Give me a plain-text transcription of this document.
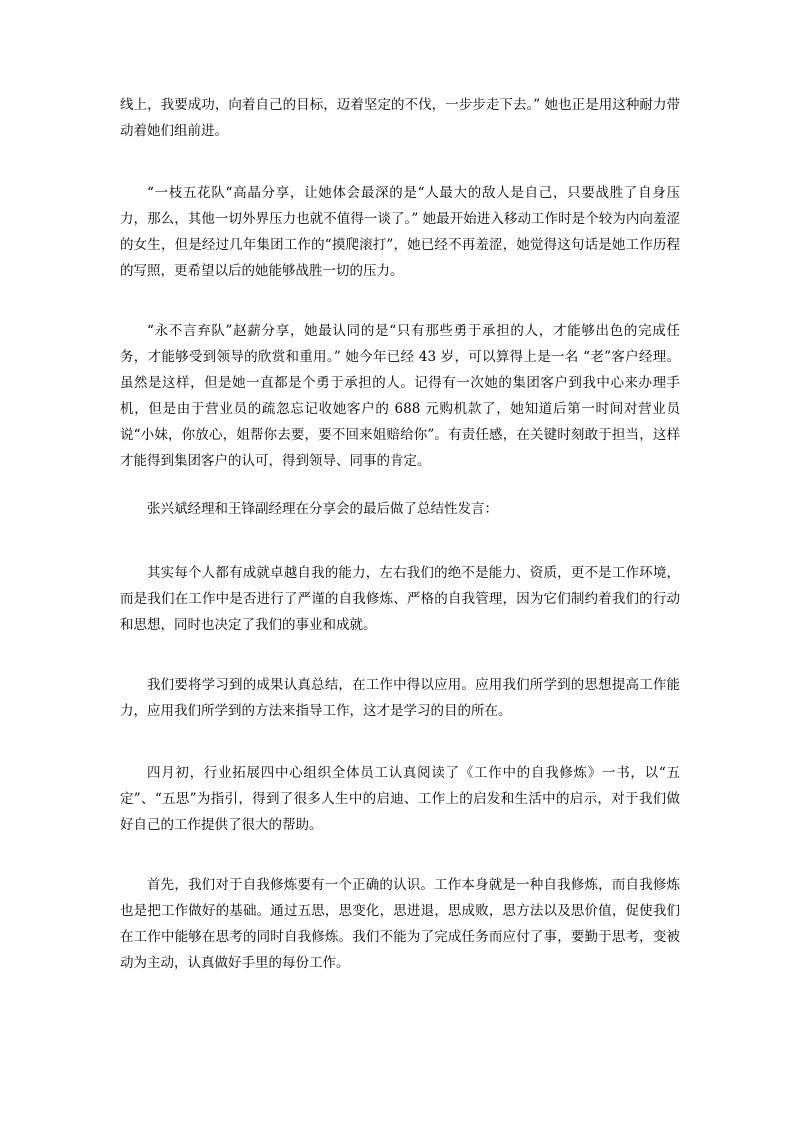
线上，我要成功，向着自己的目标，迈着坚定的不伐，一步步走下去。” 她也正是用这种耐力带动着她们组前进。

“一枝五花队“高晶分享，让她体会最深的是“人最大的敌人是自己，只要战胜了自身压力，那么，其他一切外界压力也就不值得一谈了。” 她最开始进入移动工作时是个较为内向羞涩的女生，但是经过几年集团工作的“摸爬滚打”，她已经不再羞涩，她觉得这句话是她工作历程的写照，更希望以后的她能够战胜一切的压力。

“永不言弃队”赵薪分享，她最认同的是“只有那些勇于承担的人，才能够出色的完成任务，才能够受到领导的欣赏和重用。” 她今年已经 43 岁，可以算得上是一名 “老”客户经理。虽然是这样，但是她一直都是个勇于承担的人。记得有一次她的集团客户到我中心来办理手机，但是由于营业员的疏忽忘记收她客户的 688 元购机款了，她知道后第一时间对营业员说“小妹，你放心，姐帮你去要，要不回来姐赔给你”。有责任感，在关键时刻敢于担当，这样才能得到集团客户的认可，得到领导、同事的肯定。

张兴斌经理和王锋副经理在分享会的最后做了总结性发言：

其实每个人都有成就卓越自我的能力，左右我们的绝不是能力、资质，更不是工作环境，而是我们在工作中是否进行了严谨的自我修炼、严格的自我管理，因为它们制约着我们的行动和思想，同时也决定了我们的事业和成就。

我们要将学习到的成果认真总结，在工作中得以应用。应用我们所学到的思想提高工作能力，应用我们所学到的方法来指导工作，这才是学习的目的所在。

四月初，行业拓展四中心组织全体员工认真阅读了《工作中的自我修炼》一书，以“五定”、“五思”为指引，得到了很多人生中的启迪、工作上的启发和生活中的启示，对于我们做好自己的工作提供了很大的帮助。

首先，我们对于自我修炼要有一个正确的认识。工作本身就是一种自我修炼，而自我修炼也是把工作做好的基础。通过五思，思变化，思进退，思成败，思方法以及思价值，促使我们在工作中能够在思考的同时自我修炼。我们不能为了完成任务而应付了事，要勤于思考，变被动为主动，认真做好手里的每份工作。
